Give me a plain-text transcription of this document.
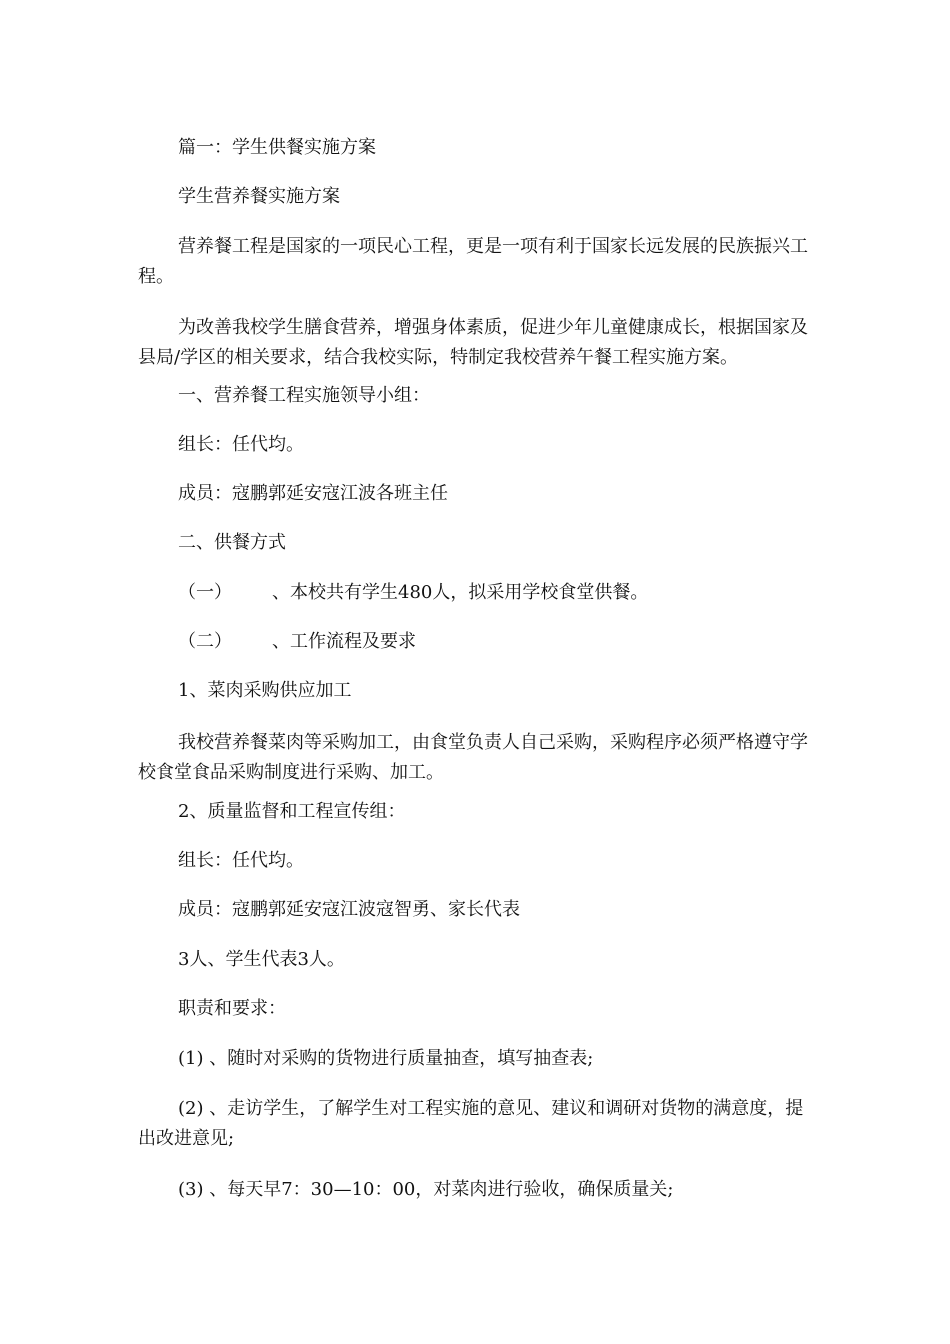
篇一：学生供餐实施方案

学生营养餐实施方案

营养餐工程是国家的一项民心工程，更是一项有利于国家长远发展的民族振兴工程。

为改善我校学生膳食营养，增强身体素质，促进少年儿童健康成长，根据国家及县局/学区的相关要求，结合我校实际，特制定我校营养午餐工程实施方案。

一、营养餐工程实施领导小组：

组长：任代均。

成员：寇鹏郭延安寇江波各班主任

二、供餐方式

（一） 、本校共有学生480人，拟采用学校食堂供餐。

（二） 、工作流程及要求

1、菜肉采购供应加工

我校营养餐菜肉等采购加工，由食堂负责人自己采购，采购程序必须严格遵守学校食堂食品采购制度进行采购、加工。

2、质量监督和工程宣传组：

组长：任代均。

成员：寇鹏郭延安寇江波寇智勇、家长代表

3人、学生代表3人。

职责和要求：

(1) 、随时对采购的货物进行质量抽查，填写抽查表;

(2) 、走访学生，了解学生对工程实施的意见、建议和调研对货物的满意度，提出改进意见;

(3) 、每天早7：30—10：00，对菜肉进行验收，确保质量关;
